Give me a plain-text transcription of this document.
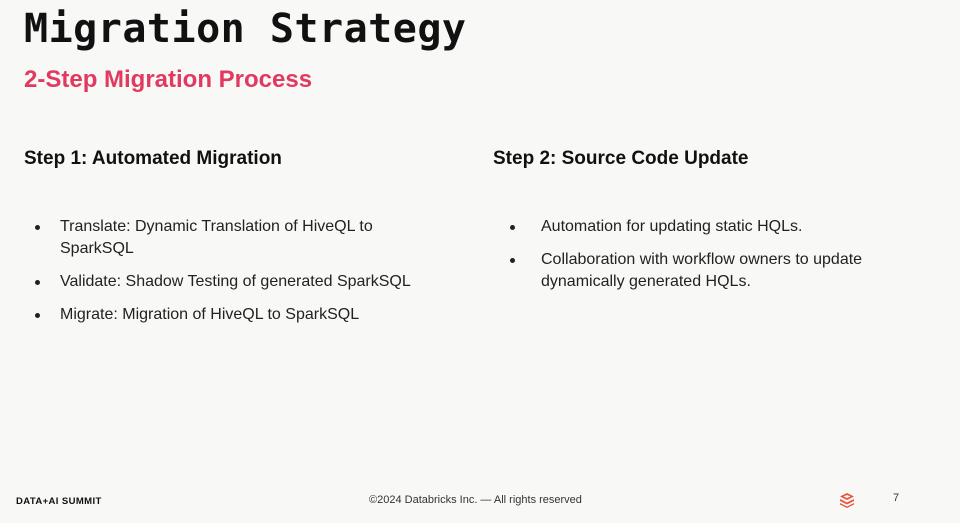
Migration Strategy
2-Step Migration Process
Step 1: Automated Migration
Translate: Dynamic Translation of HiveQL to SparkSQL
Validate: Shadow Testing of generated SparkSQL
Migrate: Migration of HiveQL to SparkSQL
Step 2: Source Code Update
Automation for updating static HQLs.
Collaboration with workflow owners to update dynamically generated HQLs.
DATA+AI SUMMIT	©2024 Databricks Inc. — All rights reserved	7
